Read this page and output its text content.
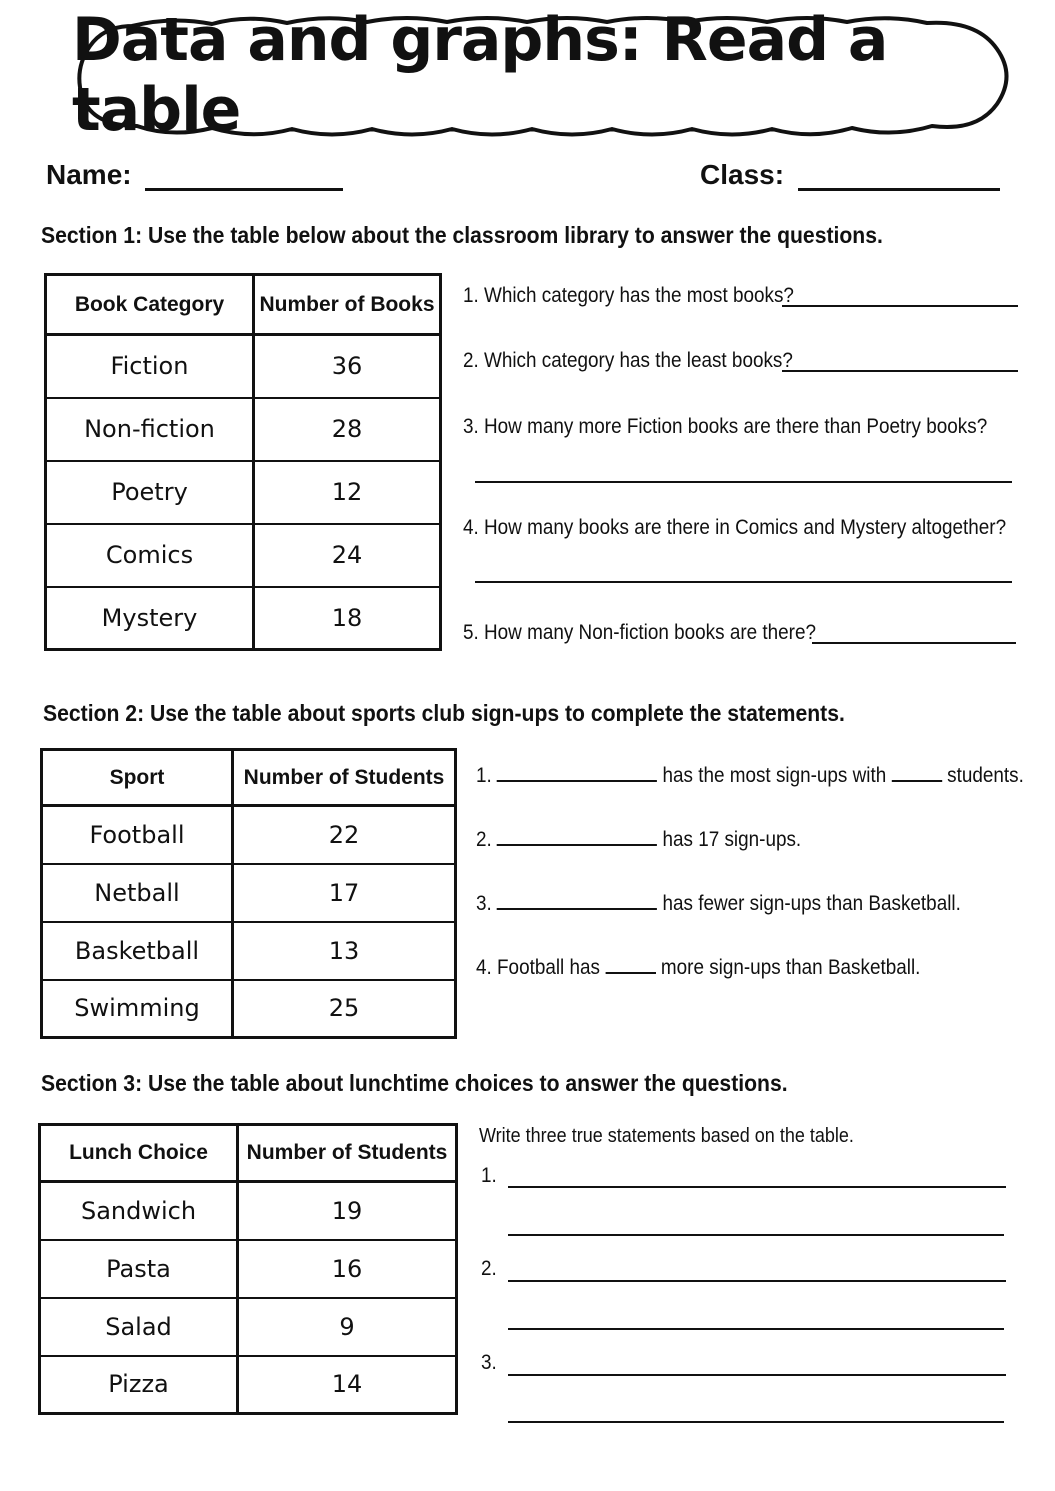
Data and graphs: Read a table
Name:	Class:
Section 1: Use the table below about the classroom library to answer the questions.
Book Category	Number of Books
Fiction	36
Non-fiction	28
Poetry	12
Comics	24
Mystery	18
1. Which category has the most books?
2. Which category has the least books?
3. How many more Fiction books are there than Poetry books?
4. How many books are there in Comics and Mystery altogether?
5. How many Non-fiction books are there?
Section 2: Use the table about sports club sign-ups to complete the statements.
Sport	Number of Students
Football	22
Netball	17
Basketball	13
Swimming	25
1.	has the most sign-ups with	students.
2.	has 17 sign-ups.
3.	has fewer sign-ups than Basketball.
4. Football has	more sign-ups than Basketball.
Section 3: Use the table about lunchtime choices to answer the questions.
Lunch Choice	Number of Students
Sandwich	19
Pasta	16
Salad	9
Pizza	14
Write three true statements based on the table.
1.
2.
3.
